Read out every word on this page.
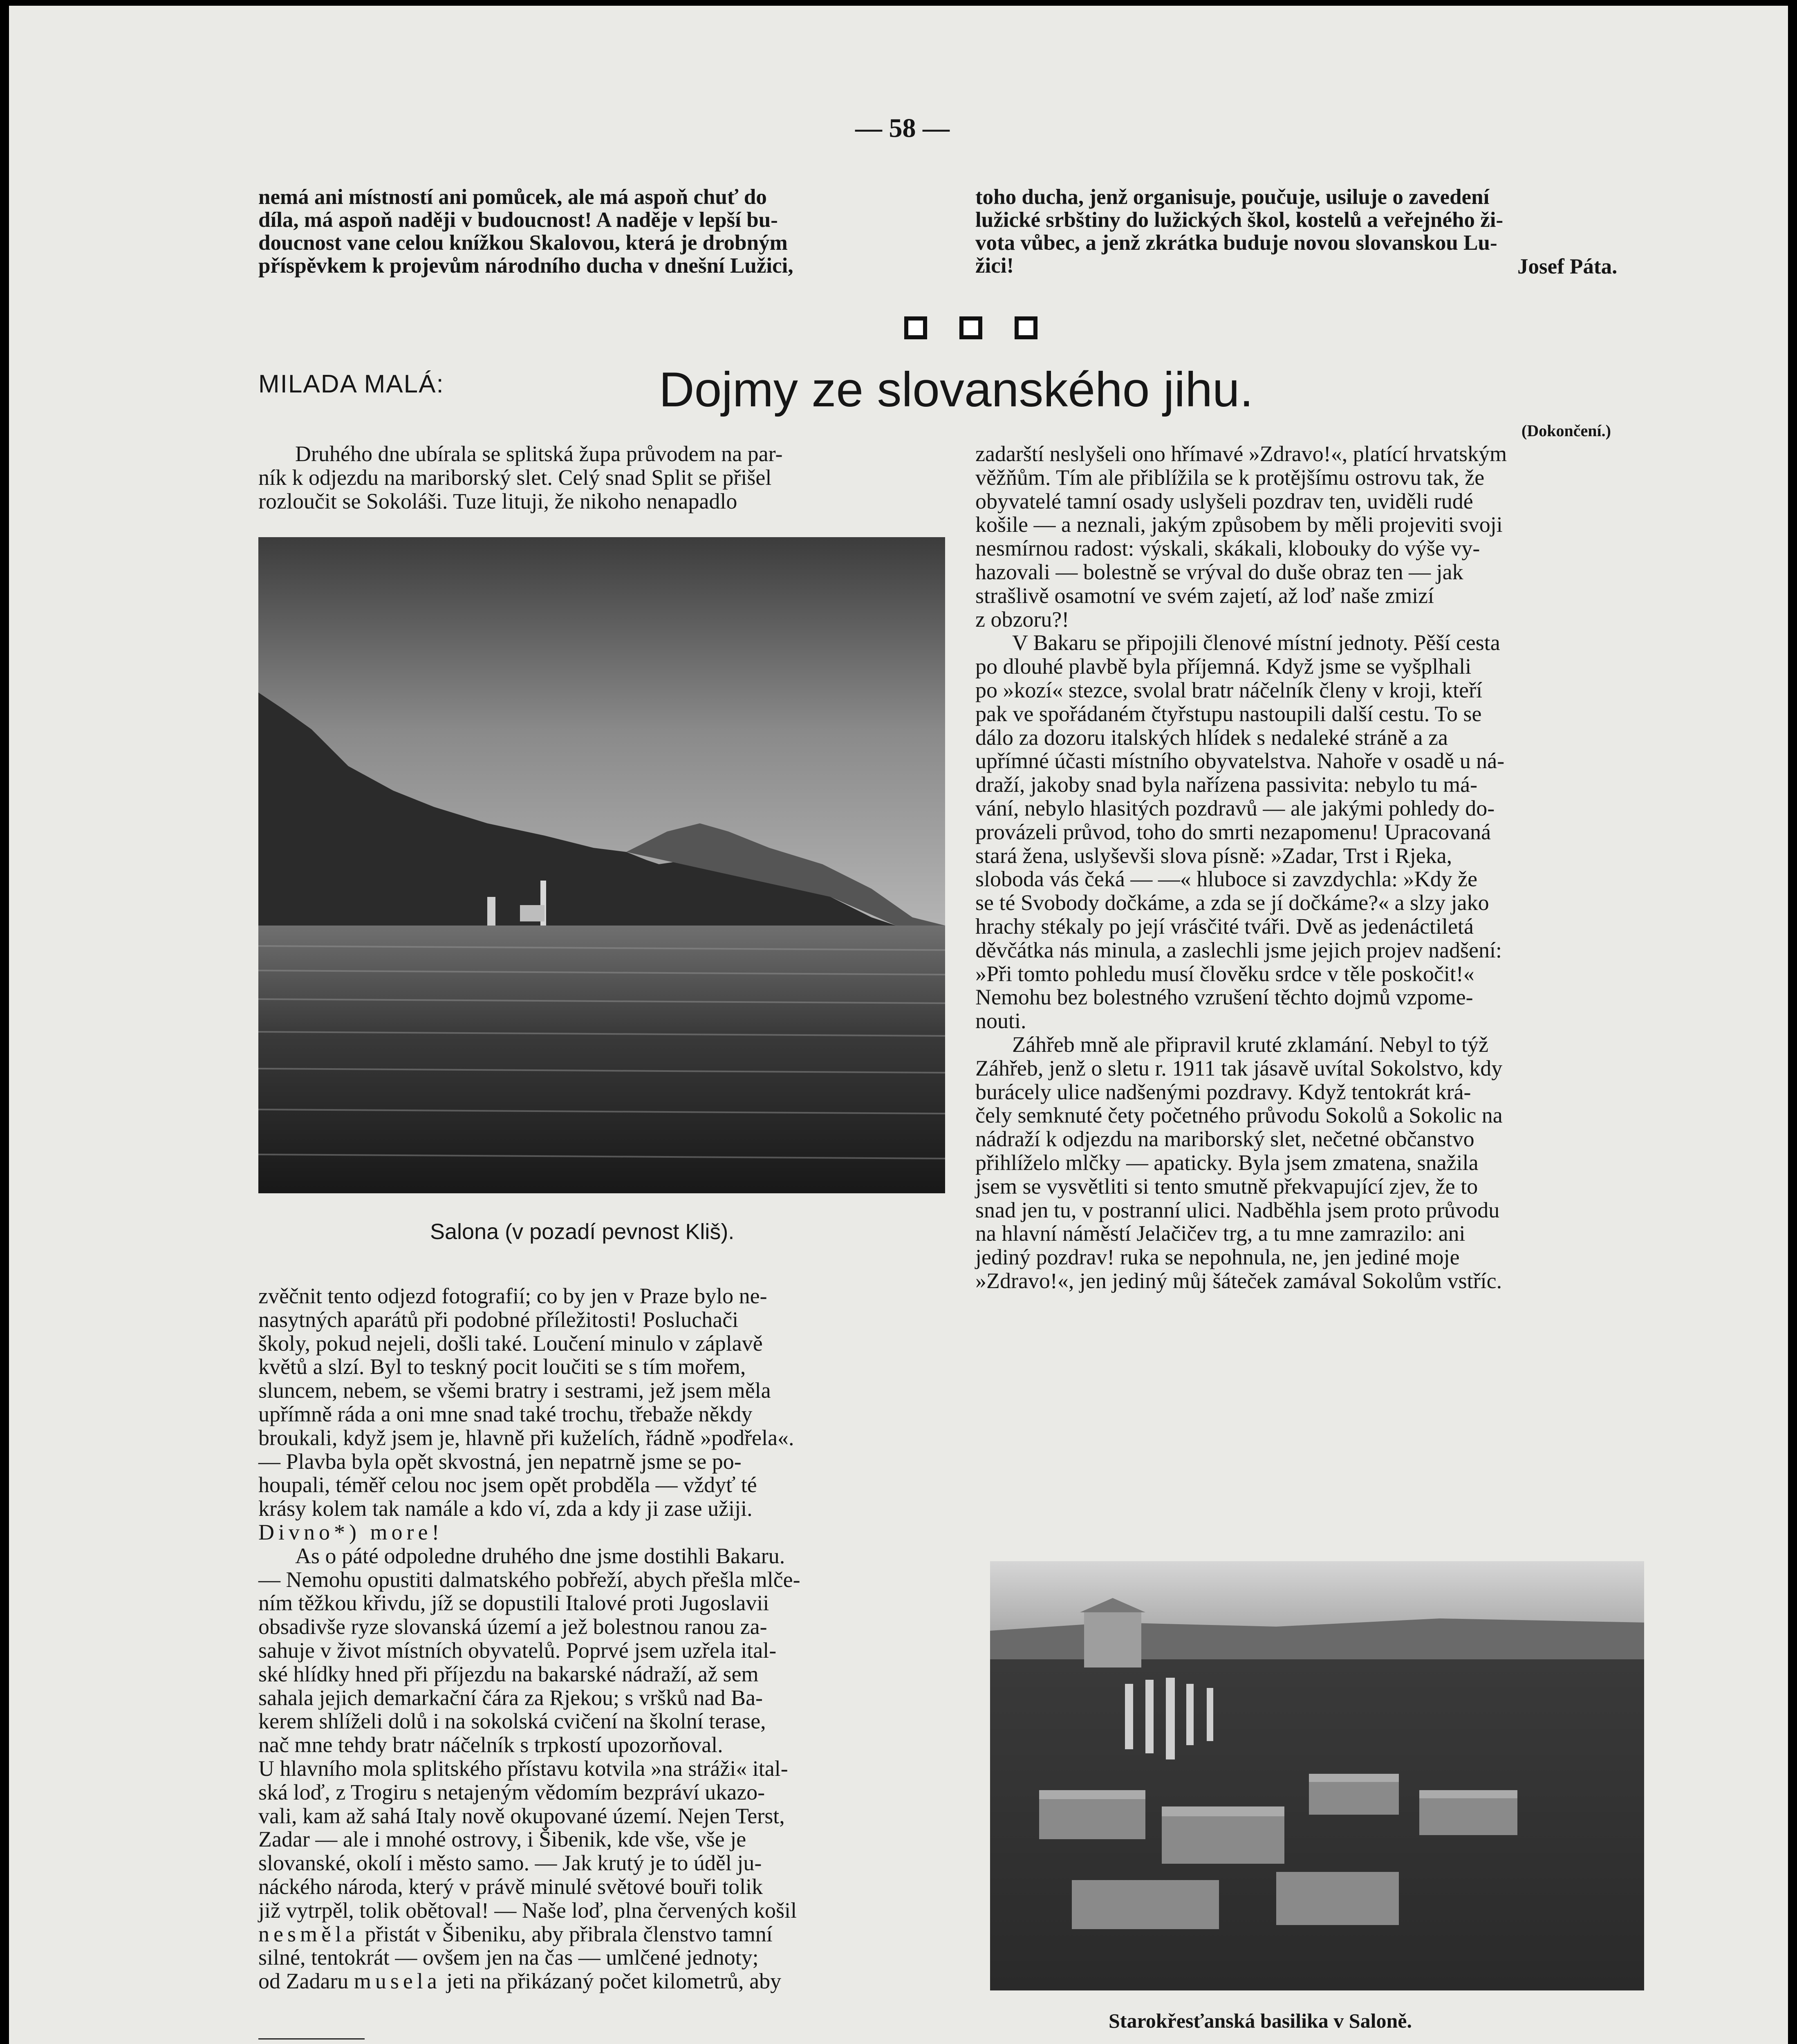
— 58 —
nemá ani místností ani pomůcek, ale má aspoň chuť do
díla, má aspoň naději v budoucnost! A naděje v lepší bu-
doucnost vane celou knížkou Skalovou, která je drobným
příspěvkem k projevům národního ducha v dnešní Lužici,
toho ducha, jenž organisuje, poučuje, usiluje o zavedení
lužické srbštiny do lužických škol, kostelů a veřejného ži-
vota vůbec, a jenž zkrátka buduje novou slovanskou Lu-
žici!	Josef Páta.
MILADA MALÁ:	Dojmy ze slovanského jihu.
(Dokončení.)
Druhého dne ubírala se splitská župa průvodem na par-
ník k odjezdu na mariborský slet. Celý snad Split se přišel
rozloučit se Sokoláši. Tuze lituji, že nikoho nenapadlo
Salona (v pozadí pevnost Kliš).
zvěčnit tento odjezd fotografií; co by jen v Praze bylo ne-
nasytných aparátů při podobné příležitosti! Posluchači
školy, pokud nejeli, došli také. Loučení minulo v záplavě
květů a slzí. Byl to teskný pocit loučiti se s tím mořem,
sluncem, nebem, se všemi bratry i sestrami, jež jsem měla
upřímně ráda a oni mne snad také trochu, třebaže někdy
broukali, když jsem je, hlavně při kuželích, řádně »podřela«.
— Plavba byla opět skvostná, jen nepatrně jsme se po-
houpali, téměř celou noc jsem opět probděla — vždyť té
krásy kolem tak namále a kdo ví, zda a kdy ji zase užiji.
Divno*) more!
As o páté odpoledne druhého dne jsme dostihli Bakaru.
— Nemohu opustiti dalmatského pobřeží, abych přešla mlče-
ním těžkou křivdu, jíž se dopustili Italové proti Jugoslavii
obsadivše ryze slovanská území a jež bolestnou ranou za-
sahuje v život místních obyvatelů. Poprvé jsem uzřela ital-
ské hlídky hned při příjezdu na bakarské nádraží, až sem
sahala jejich demarkační čára za Rjekou; s vršků nad Ba-
kerem shlíželi dolů i na sokolská cvičení na školní terase,
nač mne tehdy bratr náčelník s trpkostí upozorňoval.
U hlavního mola splitského přístavu kotvila »na stráži« ital-
ská loď, z Trogiru s netajeným vědomím bezpráví ukazo-
vali, kam až sahá Italy nově okupované území. Nejen Terst,
Zadar — ale i mnohé ostrovy, i Šibenik, kde vše, vše je
slovanské, okolí i město samo. — Jak krutý je to úděl ju-
náckého národa, který v právě minulé světové bouři tolik
již vytrpěl, tolik obětoval! — Naše loď, plna červených košil
nesměla přistát v Šibeniku, aby přibrala členstvo tamní
silné, tentokrát — ovšem jen na čas — umlčené jednoty;
od Zadaru musela jeti na přikázaný počet kilometrů, aby
zadarští neslyšeli ono hřímavé »Zdravo!«, platící hrvatským
věžňům. Tím ale přiblížila se k protějšímu ostrovu tak, že
obyvatelé tamní osady uslyšeli pozdrav ten, uviděli rudé
košile — a neznali, jakým způsobem by měli projeviti svoji
nesmírnou radost: výskali, skákali, klobouky do výše vy-
hazovali — bolestně se vrýval do duše obraz ten — jak
strašlivě osamotní ve svém zajetí, až loď naše zmizí
z obzoru?!
V Bakaru se připojili členové místní jednoty. Pěší cesta
po dlouhé plavbě byla příjemná. Když jsme se vyšplhali
po »kozí« stezce, svolal bratr náčelník členy v kroji, kteří
pak ve spořádaném čtyřstupu nastoupili další cestu. To se
dálo za dozoru italských hlídek s nedaleké stráně a za
upřímné účasti místního obyvatelstva. Nahoře v osadě u ná-
draží, jakoby snad byla nařízena passivita: nebylo tu má-
vání, nebylo hlasitých pozdravů — ale jakými pohledy do-
provázeli průvod, toho do smrti nezapomenu! Upracovaná
stará žena, uslyševši slova písně: »Zadar, Trst i Rjeka,
sloboda vás čeká — —« hluboce si zavzdychla: »Kdy že
se té Svobody dočkáme, a zda se jí dočkáme?« a slzy jako
hrachy stékaly po její vrásčité tváři. Dvě as jedenáctiletá
děvčátka nás minula, a zaslechli jsme jejich projev nadšení:
»Při tomto pohledu musí člověku srdce v těle poskočit!«
Nemohu bez bolestného vzrušení těchto dojmů vzpome-
nouti.
Záhřeb mně ale připravil kruté zklamání. Nebyl to týž
Záhřeb, jenž o sletu r. 1911 tak jásavě uvítal Sokolstvo, kdy
burácely ulice nadšenými pozdravy. Když tentokrát krá-
čely semknuté čety početného průvodu Sokolů a Sokolic na
nádraží k odjezdu na mariborský slet, nečetné občanstvo
přihlíželo mlčky — apaticky. Byla jsem zmatena, snažila
jsem se vysvětliti si tento smutně překvapující zjev, že to
snad jen tu, v postranní ulici. Nadběhla jsem proto průvodu
na hlavní náměstí Jelačičev trg, a tu mne zamrazilo: ani
jediný pozdrav! ruka se nepohnula, ne, jen jediné moje
»Zdravo!«, jen jediný můj šáteček zamával Sokolům vstříc.
Starokřesťanská basilika v Saloně.
